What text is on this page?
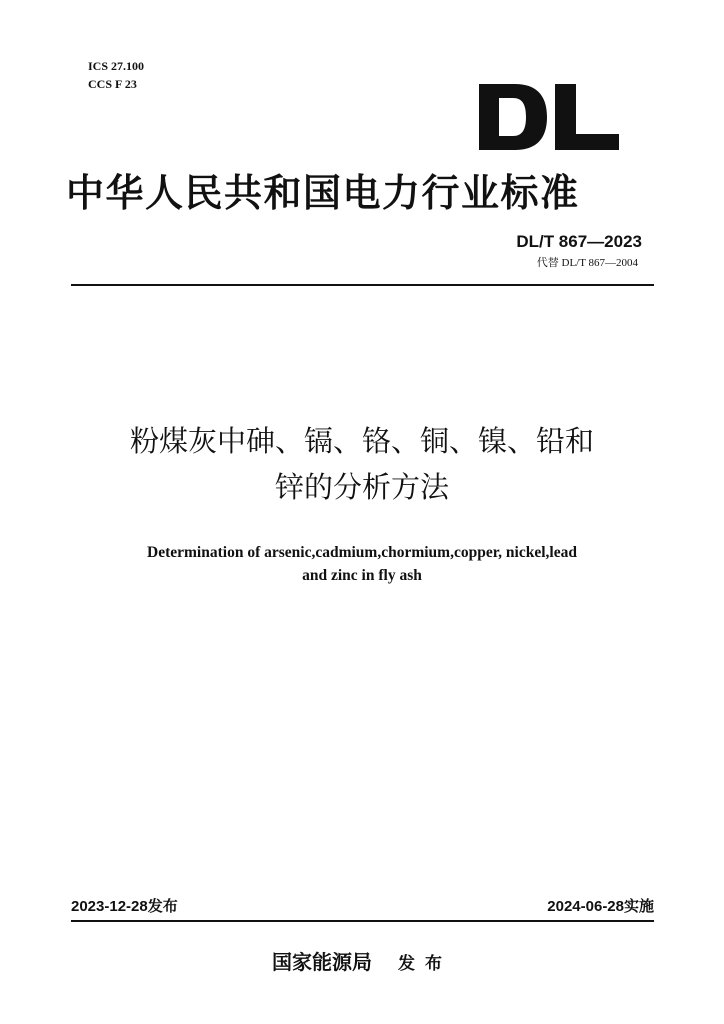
ICS 27.100
CCS F 23
中华人民共和国电力行业标准
DL/T 867—2023
代替 DL/T 867—2004
粉煤灰中砷、镉、铬、铜、镍、铅和
锌的分析方法
Determination of arsenic,cadmium,chormium,copper, nickel,lead
and zinc in fly ash
2023-12-28发布	2024-06-28实施
国家能源局 发布
